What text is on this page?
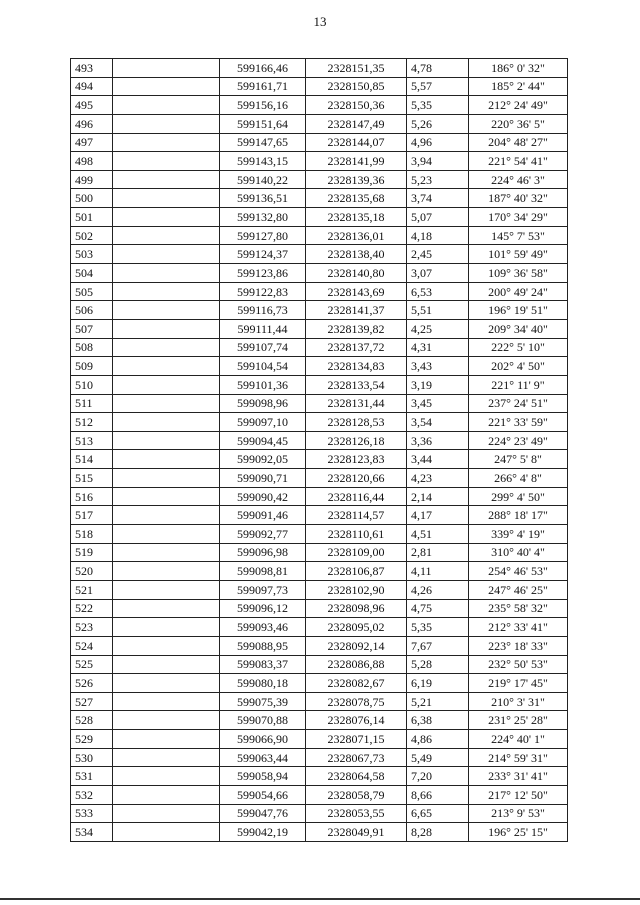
13
493		599166,46	2328151,35	4,78	186° 0' 32"
494		599161,71	2328150,85	5,57	185° 2' 44"
495		599156,16	2328150,36	5,35	212° 24' 49"
496		599151,64	2328147,49	5,26	220° 36' 5"
497		599147,65	2328144,07	4,96	204° 48' 27"
498		599143,15	2328141,99	3,94	221° 54' 41"
499		599140,22	2328139,36	5,23	224° 46' 3"
500		599136,51	2328135,68	3,74	187° 40' 32"
501		599132,80	2328135,18	5,07	170° 34' 29"
502		599127,80	2328136,01	4,18	145° 7' 53"
503		599124,37	2328138,40	2,45	101° 59' 49"
504		599123,86	2328140,80	3,07	109° 36' 58"
505		599122,83	2328143,69	6,53	200° 49' 24"
506		599116,73	2328141,37	5,51	196° 19' 51"
507		599111,44	2328139,82	4,25	209° 34' 40"
508		599107,74	2328137,72	4,31	222° 5' 10"
509		599104,54	2328134,83	3,43	202° 4' 50"
510		599101,36	2328133,54	3,19	221° 11' 9"
511		599098,96	2328131,44	3,45	237° 24' 51"
512		599097,10	2328128,53	3,54	221° 33' 59"
513		599094,45	2328126,18	3,36	224° 23' 49"
514		599092,05	2328123,83	3,44	247° 5' 8"
515		599090,71	2328120,66	4,23	266° 4' 8"
516		599090,42	2328116,44	2,14	299° 4' 50"
517		599091,46	2328114,57	4,17	288° 18' 17"
518		599092,77	2328110,61	4,51	339° 4' 19"
519		599096,98	2328109,00	2,81	310° 40' 4"
520		599098,81	2328106,87	4,11	254° 46' 53"
521		599097,73	2328102,90	4,26	247° 46' 25"
522		599096,12	2328098,96	4,75	235° 58' 32"
523		599093,46	2328095,02	5,35	212° 33' 41"
524		599088,95	2328092,14	7,67	223° 18' 33"
525		599083,37	2328086,88	5,28	232° 50' 53"
526		599080,18	2328082,67	6,19	219° 17' 45"
527		599075,39	2328078,75	5,21	210° 3' 31"
528		599070,88	2328076,14	6,38	231° 25' 28"
529		599066,90	2328071,15	4,86	224° 40' 1"
530		599063,44	2328067,73	5,49	214° 59' 31"
531		599058,94	2328064,58	7,20	233° 31' 41"
532		599054,66	2328058,79	8,66	217° 12' 50"
533		599047,76	2328053,55	6,65	213° 9' 53"
534		599042,19	2328049,91	8,28	196° 25' 15"
